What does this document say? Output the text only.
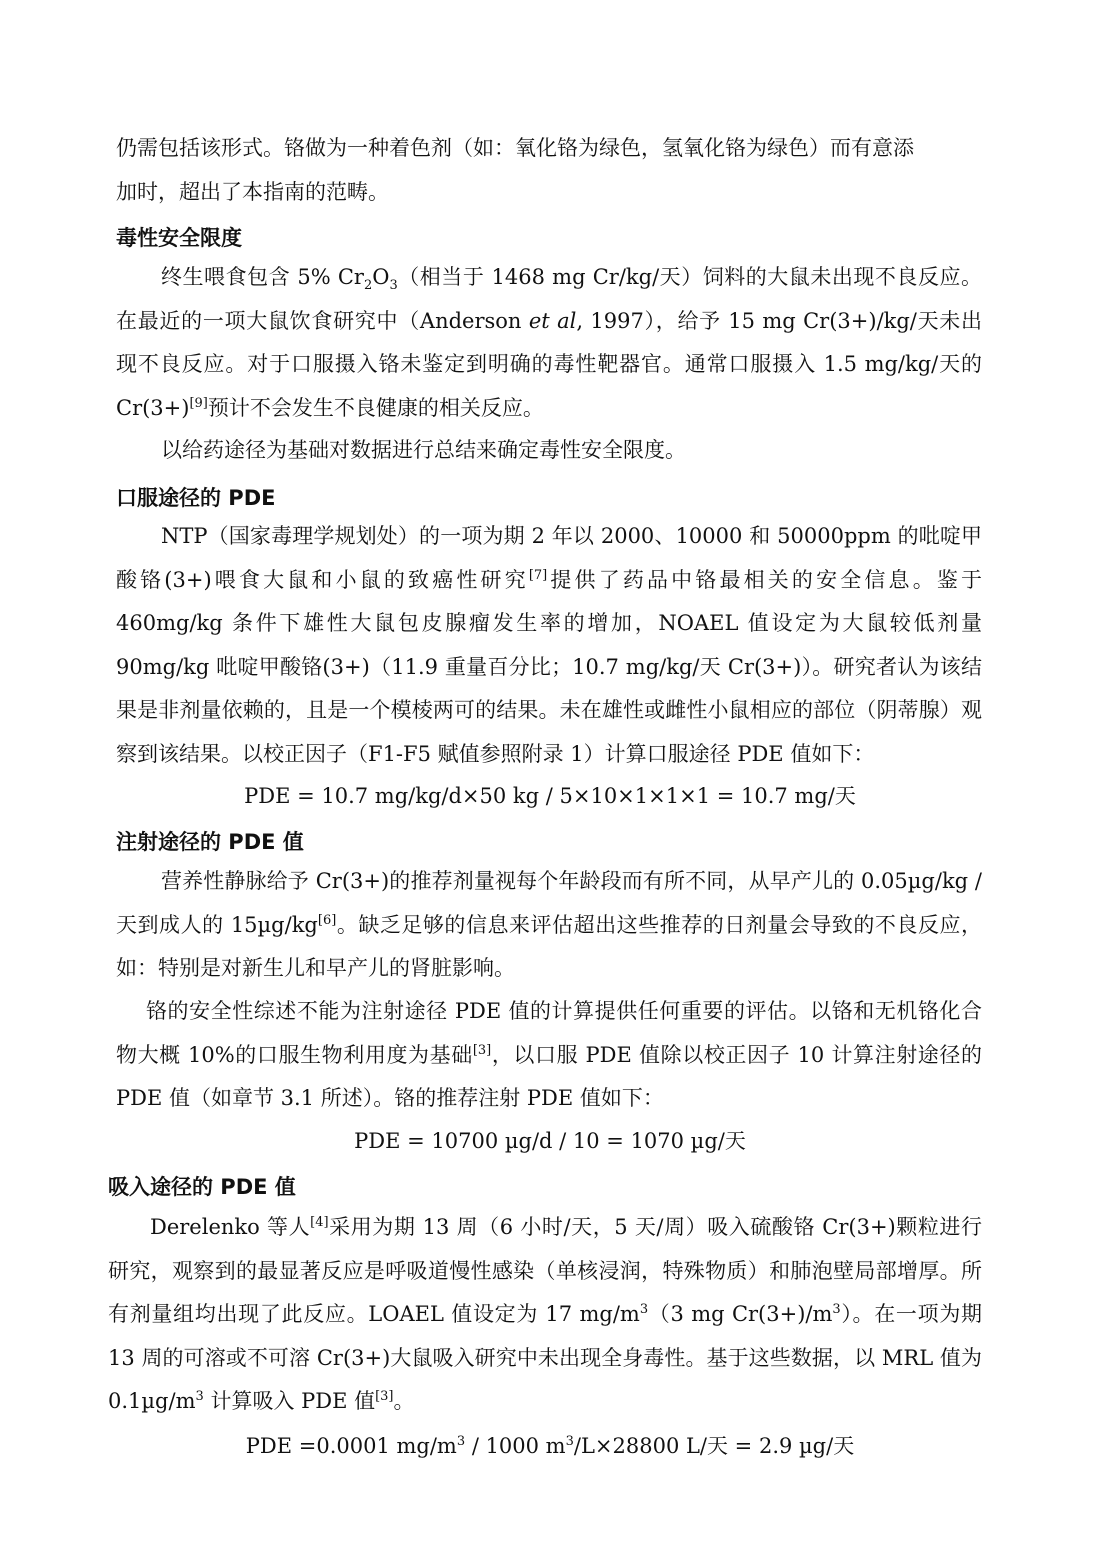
仍需包括该形式。铬做为一种着色剂（如：氧化铬为绿色，氢氧化铬为绿色）而有意添
加时，超出了本指南的范畴。

毒性安全限度

终生喂食包含 5% $Cr_2O_3$（相当于 1468 mg Cr/kg/天）饲料的大鼠未出现不良反应。在最近的一项大鼠饮食研究中（Anderson et al, 1997），给予 15 mg Cr(3+)/kg/天未出现不良反应。对于口服摄入铬未鉴定到明确的毒性靶器官。通常口服摄入 1.5 mg/kg/天的 Cr(3+)[9]预计不会发生不良健康的相关反应。

以给药途径为基础对数据进行总结来确定毒性安全限度。

口服途径的 PDE

NTP（国家毒理学规划处）的一项为期 2 年以 2000、10000 和 50000ppm 的吡啶甲酸铬(3+)喂食大鼠和小鼠的致癌性研究[7]提供了药品中铬最相关的安全信息。鉴于 460mg/kg 条件下雄性大鼠包皮腺瘤发生率的增加，NOAEL 值设定为大鼠较低剂量 90mg/kg 吡啶甲酸铬(3+)（11.9 重量百分比；10.7 mg/kg/天 Cr(3+)）。研究者认为该结果是非剂量依赖的，且是一个模棱两可的结果。未在雄性或雌性小鼠相应的部位（阴蒂腺）观察到该结果。以校正因子（F1-F5 赋值参照附录 1）计算口服途径 PDE 值如下：

PDE = 10.7 mg/kg/d×50 kg / 5×10×1×1×1 = 10.7 mg/天

注射途径的 PDE 值

营养性静脉给予 Cr(3+)的推荐剂量视每个年龄段而有所不同，从早产儿的 0.05µg/kg /天到成人的 15µg/kg[6]。缺乏足够的信息来评估超出这些推荐的日剂量会导致的不良反应，如：特别是对新生儿和早产儿的肾脏影响。

铬的安全性综述不能为注射途径 PDE 值的计算提供任何重要的评估。以铬和无机铬化合物大概 10%的口服生物利用度为基础[3]，以口服 PDE 值除以校正因子 10 计算注射途径的 PDE 值（如章节 3.1 所述）。铬的推荐注射 PDE 值如下：

PDE = 10700 µg/d / 10 = 1070 µg/天

吸入途径的 PDE 值

Derelenko 等人[4]采用为期 13 周（6 小时/天，5 天/周）吸入硫酸铬 Cr(3+)颗粒进行研究，观察到的最显著反应是呼吸道慢性感染（单核浸润，特殊物质）和肺泡壁局部增厚。所有剂量组均出现了此反应。LOAEL 值设定为 17 $mg/m^3(3$ mg $Cr(3+)/m^3$）。在一项为期 13 周的可溶或不可溶 Cr(3+)大鼠吸入研究中未出现全身毒性。基于这些数据，以 MRL 值为 $0.1\mu g/m^3$ 计算吸入 PDE 值[3]。

PDE =0.0001 $mg/m^3 / 1000$ $m^3/L\times 28800$ L/天 = 2.9 µg/天
